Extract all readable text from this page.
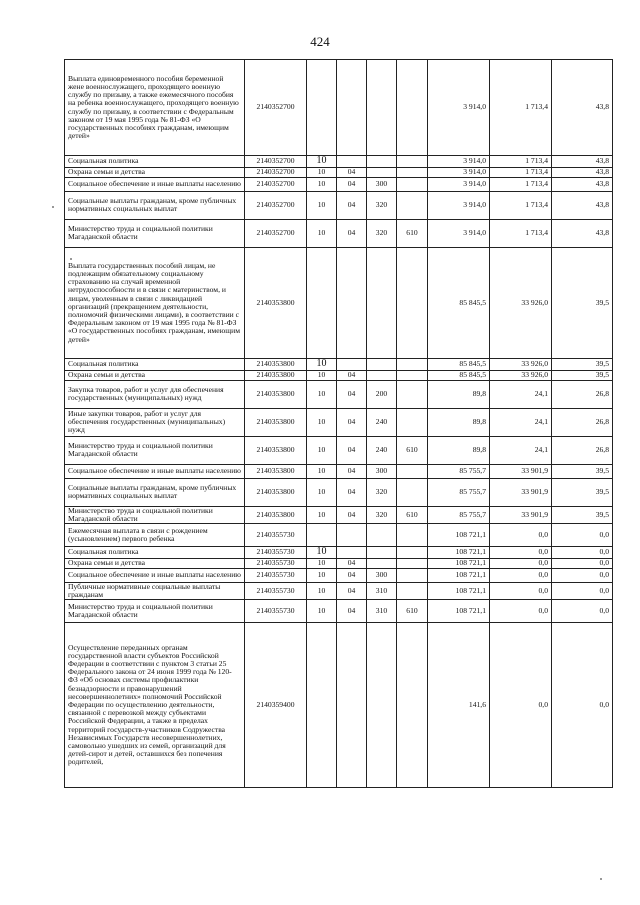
424
Выплата единовременного пособия беременной жене военнослужащего, проходящего военную службу по призыву, а также ежемесячного пособия на ребенка военнослужащего, проходящего военную службу по призыву, в соответствии с Федеральным законом от 19 мая 1995 года № 81-ФЗ «О государственных пособиях гражданам, имеющим детей»	2140352700					3 914,0	1 713,4	43,8
Социальная политика	2140352700	10				3 914,0	1 713,4	43,8
Охрана семьи и детства	2140352700	10	04			3 914,0	1 713,4	43,8
Социальное обеспечение и иные выплаты населению	2140352700	10	04	300		3 914,0	1 713,4	43,8
Социальные выплаты гражданам, кроме публичных нормативных социальных выплат	2140352700	10	04	320		3 914,0	1 713,4	43,8
Министерство труда и социальной политики Магаданской области	2140352700	10	04	320	610	3 914,0	1 713,4	43,8
Выплата государственных пособий лицам, не подлежащим обязательному социальному страхованию на случай временной нетрудоспособности и в связи с материнством, и лицам, уволенным в связи с ликвидацией организаций (прекращением деятельности, полномочий физическими лицами), в соответствии с Федеральным законом от 19 мая 1995 года № 81-ФЗ «О государственных пособиях гражданам, имеющим детей»	2140353800					85 845,5	33 926,0	39,5
Социальная политика	2140353800	10				85 845,5	33 926,0	39,5
Охрана семьи и детства	2140353800	10	04			85 845,5	33 926,0	39,5
Закупка товаров, работ и услуг для обеспечения государственных (муниципальных) нужд	2140353800	10	04	200		89,8	24,1	26,8
Иные закупки товаров, работ и услуг для обеспечения государственных (муниципальных) нужд	2140353800	10	04	240		89,8	24,1	26,8
Министерство труда и социальной политики Магаданской области	2140353800	10	04	240	610	89,8	24,1	26,8
Социальное обеспечение и иные выплаты населению	2140353800	10	04	300		85 755,7	33 901,9	39,5
Социальные выплаты гражданам, кроме публичных нормативных социальных выплат	2140353800	10	04	320		85 755,7	33 901,9	39,5
Министерство труда и социальной политики Магаданской области	2140353800	10	04	320	610	85 755,7	33 901,9	39,5
Ежемесячная выплата в связи с рождением (усыновлением) первого ребенка	2140355730					108 721,1	0,0	0,0
Социальная политика	2140355730	10				108 721,1	0,0	0,0
Охрана семьи и детства	2140355730	10	04			108 721,1	0,0	0,0
Социальное обеспечение и иные выплаты населению	2140355730	10	04	300		108 721,1	0,0	0,0
Публичные нормативные социальные выплаты гражданам	2140355730	10	04	310		108 721,1	0,0	0,0
Министерство труда и социальной политики Магаданской области	2140355730	10	04	310	610	108 721,1	0,0	0,0
Осуществление переданных органам государственной власти субъектов Российской Федерации в соответствии с пунктом 3 статьи 25 Федерального закона от 24 июня 1999 года № 120-ФЗ «Об основах системы профилактики безнадзорности и правонарушений несовершеннолетних» полномочий Российской Федерации по осуществлению деятельности, связанной с перевозкой между субъектами Российской Федерации, а также в пределах территорий государств-участников Содружества Независимых Государств несовершеннолетних, самовольно ушедших из семей, организаций для детей-сирот и детей, оставшихся без попечения родителей,	2140359400					141,6	0,0	0,0
